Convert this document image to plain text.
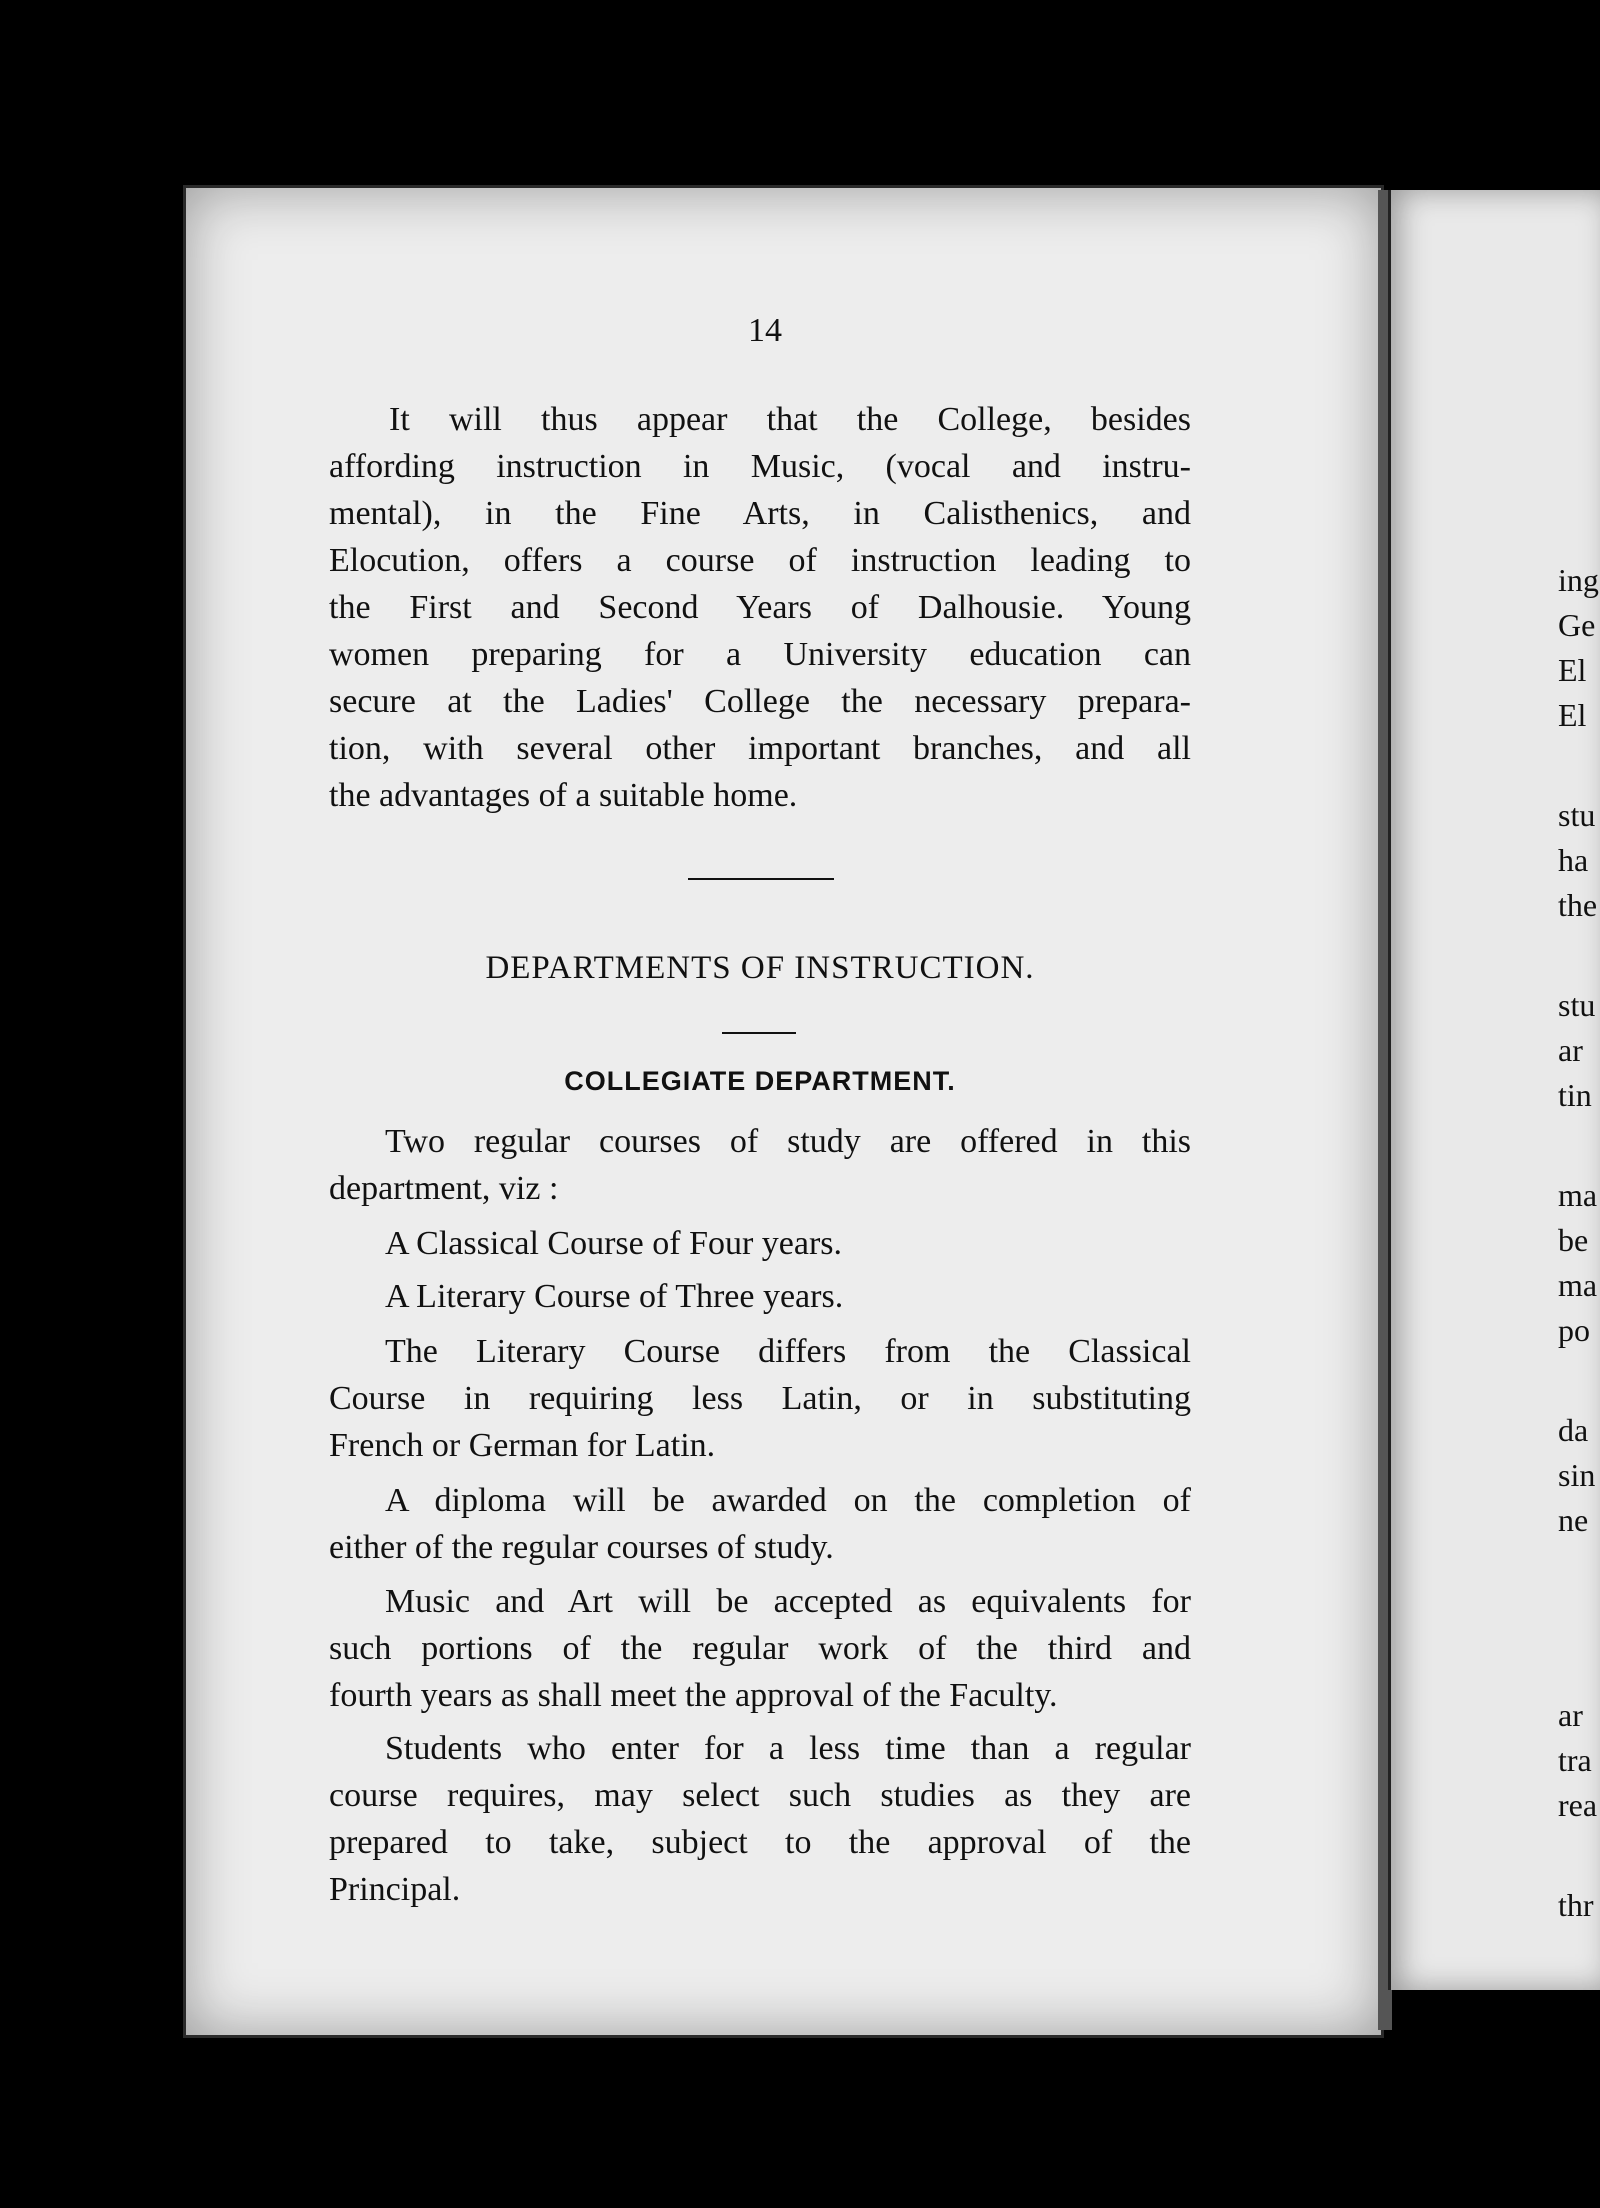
14
It will thus appear that the College, besides
affording instruction in Music, (vocal and instru-
mental), in the Fine Arts, in Calisthenics, and
Elocution, offers a course of instruction leading to
the First and Second Years of Dalhousie. Young
women preparing for a University education can
secure at the Ladies' College the necessary prepara-
tion, with several other important branches, and all
the advantages of a suitable home.
DEPARTMENTS OF INSTRUCTION.
COLLEGIATE DEPARTMENT.
Two regular courses of study are offered in this
department, viz :
A Classical Course of Four years.
A Literary Course of Three years.
The Literary Course differs from the Classical
Course in requiring less Latin, or in substituting
French or German for Latin.
A diploma will be awarded on the completion of
either of the regular courses of study.
Music and Art will be accepted as equivalents for
such portions of the regular work of the third and
fourth years as shall meet the approval of the Faculty.
Students who enter for a less time than a regular
course requires, may select such studies as they are
prepared to take, subject to the approval of the
Principal.
ing
Ge
El
El
stu
ha
the
stu
ar
tin
ma
be
ma
po
da
sin
ne
ar
tra
rea
thr
